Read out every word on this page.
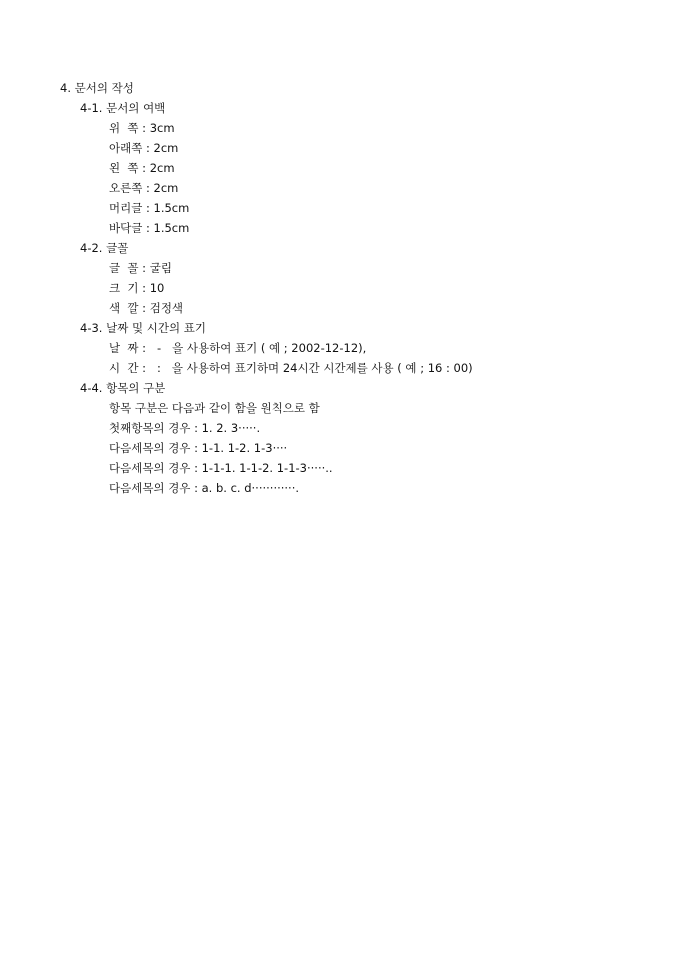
4. 문서의 작성
4-1. 문서의 여백
위  쪽 : 3cm
아래쪽 : 2cm
왼  쪽 : 2cm
오른쪽 : 2cm
머리글 : 1.5cm
바닥글 : 1.5cm
4-2. 글꼴
글  꼴 : 굴림
크  기 : 10
색  깔 : 검정색
4-3. 날짜 및 시간의 표기
날  짜 :   -   을 사용하여 표기 ( 예 ; 2002-12-12),
시  간 :   :   을 사용하여 표기하며 24시간 시간제를 사용 ( 예 ; 16 : 00)
4-4. 항목의 구분
항목 구분은 다음과 같이 함을 원칙으로 함
첫째항목의 경우 : 1. 2. 3·····.
다음세목의 경우 : 1-1. 1-2. 1-3····
다음세목의 경우 : 1-1-1. 1-1-2. 1-1-3·····..
다음세목의 경우 : a. b. c. d············.
